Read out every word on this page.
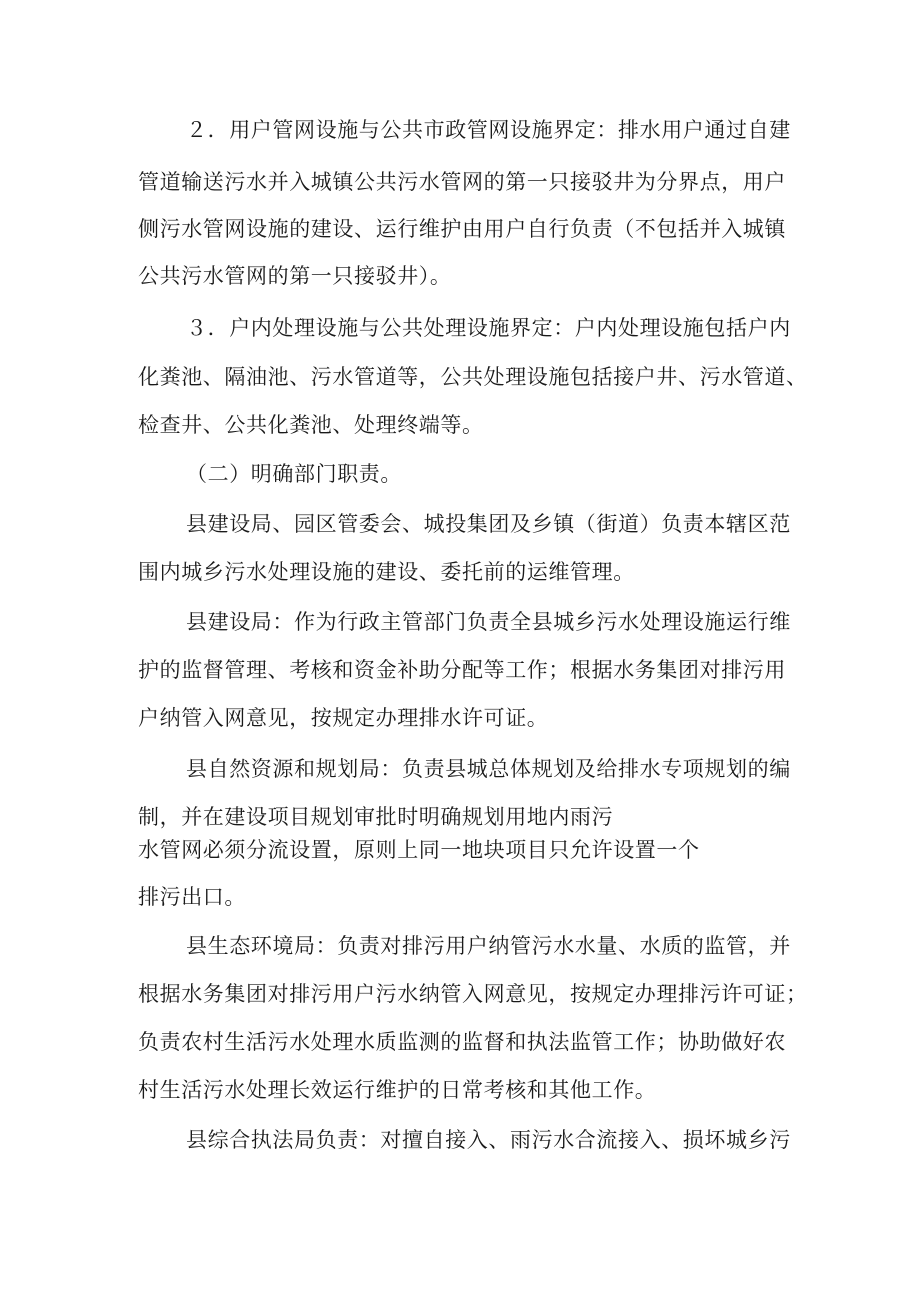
２．用户管网设施与公共市政管网设施界定：排水用户通过自建
管道输送污水并入城镇公共污水管网的第一只接驳井为分界点，用户
侧污水管网设施的建设、运行维护由用户自行负责（不包括并入城镇
公共污水管网的第一只接驳井）。
３．户内处理设施与公共处理设施界定：户内处理设施包括户内
化粪池、隔油池、污水管道等，公共处理设施包括接户井、污水管道、
检查井、公共化粪池、处理终端等。
（二）明确部门职责。
县建设局、园区管委会、城投集团及乡镇（街道）负责本辖区范
围内城乡污水处理设施的建设、委托前的运维管理。
县建设局：作为行政主管部门负责全县城乡污水处理设施运行维
护的监督管理、考核和资金补助分配等工作；根据水务集团对排污用
户纳管入网意见，按规定办理排水许可证。
县自然资源和规划局：负责县城总体规划及给排水专项规划的编
制，并在建设项目规划审批时明确规划用地内雨污
水管网必须分流设置，原则上同一地块项目只允许设置一个
排污出口。
县生态环境局：负责对排污用户纳管污水水量、水质的监管，并
根据水务集团对排污用户污水纳管入网意见，按规定办理排污许可证；
负责农村生活污水处理水质监测的监督和执法监管工作；协助做好农
村生活污水处理长效运行维护的日常考核和其他工作。
县综合执法局负责：对擅自接入、雨污水合流接入、损坏城乡污
